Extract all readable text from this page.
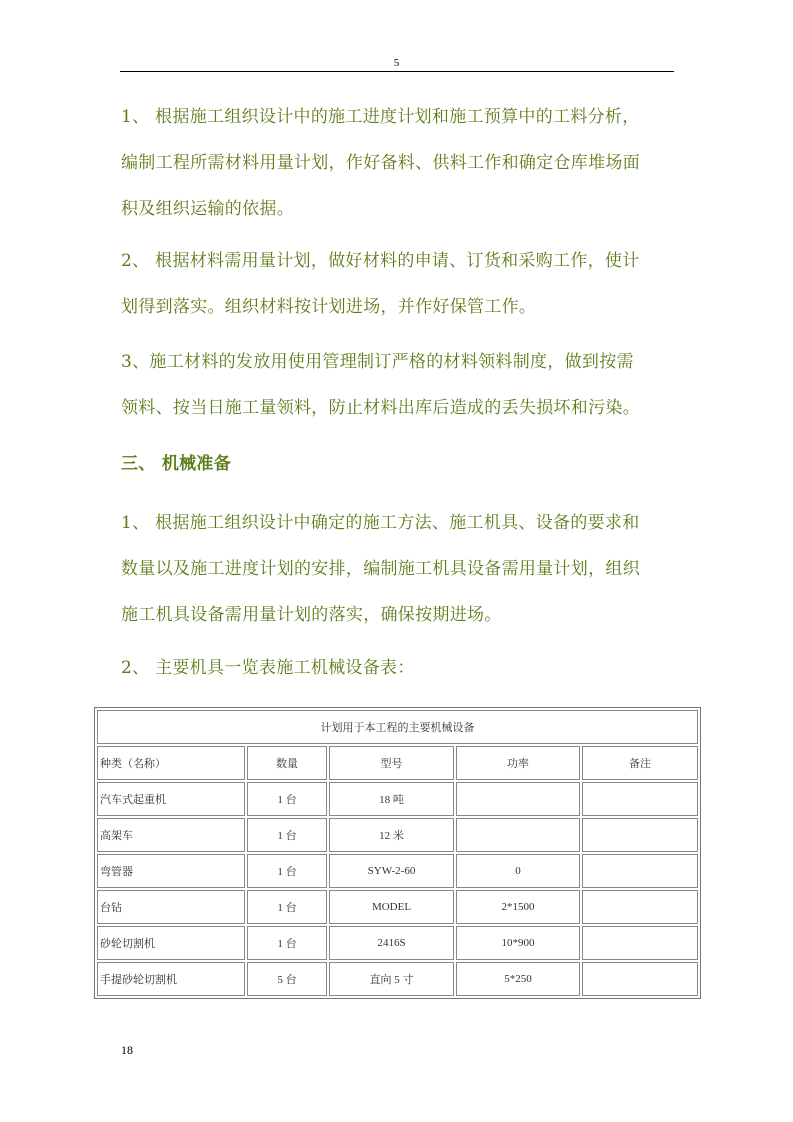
5
1、 根据施工组织设计中的施工进度计划和施工预算中的工料分析，
编制工程所需材料用量计划，作好备料、供料工作和确定仓库堆场面
积及组织运输的依据。
2、 根据材料需用量计划，做好材料的申请、订货和采购工作，使计
划得到落实。组织材料按计划进场，并作好保管工作。
3、施工材料的发放用使用管理制订严格的材料领料制度，做到按需
领料、按当日施工量领料，防止材料出库后造成的丢失损坏和污染。
三、 机械准备
1、 根据施工组织设计中确定的施工方法、施工机具、设备的要求和
数量以及施工进度计划的安排，编制施工机具设备需用量计划，组织
施工机具设备需用量计划的落实，确保按期进场。
2、 主要机具一览表施工机械设备表：
计划用于本工程的主要机械设备				
种类（名称）	数量	型号	功率	备注
汽车式起重机	1 台	18 吨		
高架车	1 台	12 米		
弯管器	1 台	SYW-2-60	0	
台钻	1 台	MODEL	2*1500	
砂轮切割机	1 台	2416S	10*900	
手提砂轮切割机	5 台	直向 5 寸	5*250	
18
